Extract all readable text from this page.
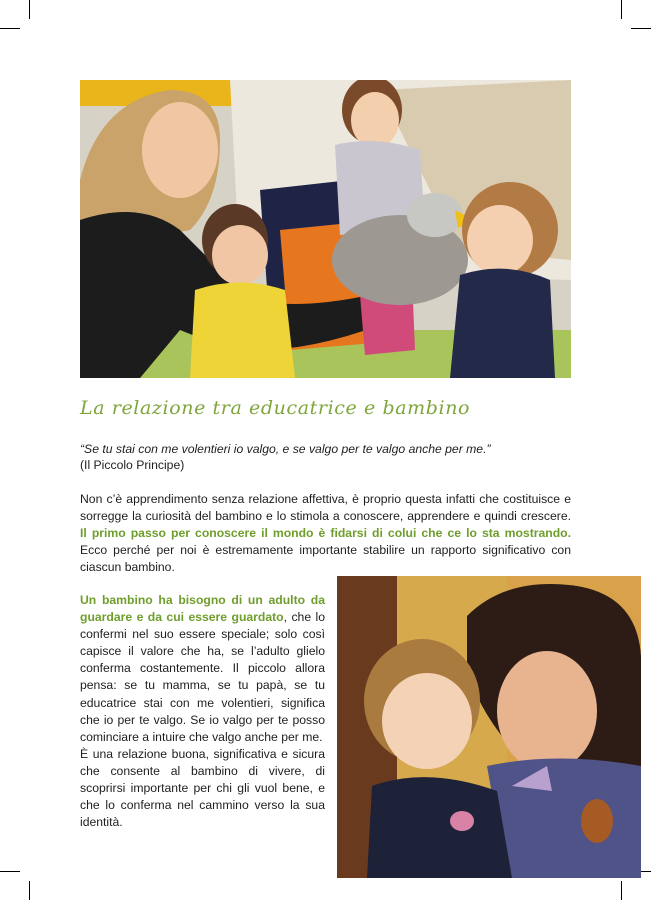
La relazione tra educatrice e bambino
“Se tu stai con me volentieri io valgo, e se valgo per te valgo anche per me.”
(Il Piccolo Principe)

Non c’è apprendimento senza relazione affettiva, è proprio questa infatti che costituisce e sorregge la curiosità del bambino e lo stimola a conoscere, apprendere e quindi crescere. Il primo passo per conoscere il mondo è fidarsi di colui che ce lo sta mostrando. Ecco perché per noi è estremamente importante stabilire un rapporto significativo con ciascun bambino.

Un bambino ha bisogno di un adulto da guardare e da cui essere guardato, che lo confermi nel suo essere speciale; solo così capisce il valore che ha, se l’adulto glielo conferma costantemente. Il piccolo allora pensa: se tu mamma, se tu papà, se tu educatrice stai con me volentieri, significa che io per te valgo. Se io valgo per te posso cominciare a intuire che valgo anche per me.
È una relazione buona, significativa e sicura che consente al bambino di vivere, di scoprirsi importante per chi gli vuol bene, e che lo conferma nel cammino verso la sua identità.
